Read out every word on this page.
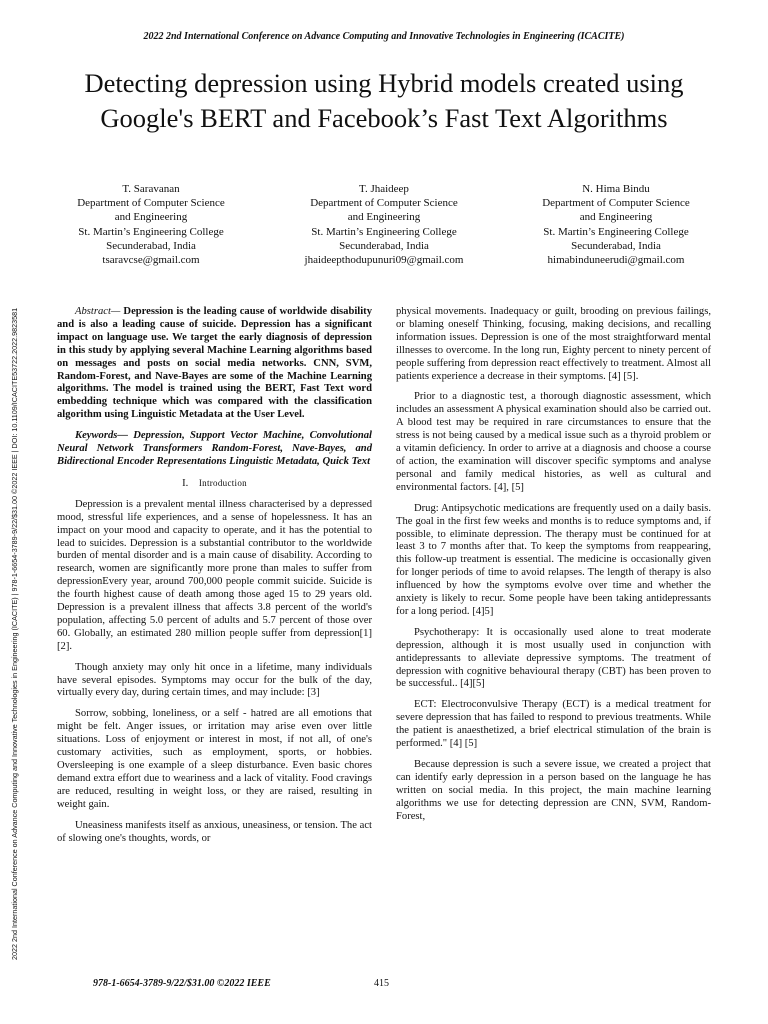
2022 2nd International Conference on Advance Computing and Innovative Technologies in Engineering (ICACITE)
Detecting depression using Hybrid models created using Google's BERT and Facebook’s Fast Text Algorithms
T. Saravanan
Department of Computer Science
and Engineering
St. Martin’s Engineering College
Secunderabad, India
tsaravcse@gmail.com
T. Jhaideep
Department of Computer Science
and Engineering
St. Martin’s Engineering College
Secunderabad, India
jhaideepthodupunuri09@gmail.com
N. Hima Bindu
Department of Computer Science
and Engineering
St. Martin’s Engineering College
Secunderabad, India
himabinduneerudi@gmail.com
2022 2nd International Conference on Advance Computing and Innovative Technologies in Engineering (ICACITE) | 978-1-6654-3789-9/22/$31.00 ©2022 IEEE | DOI: 10.1109/ICACITE53722.2022.9823581	Abstract— Depression is the leading cause of worldwide disability and is also a leading cause of suicide. Depression has a significant impact on language use. We target the early diagnosis of depression in this study by applying several Machine Learning algorithms based on messages and posts on social media networks. CNN, SVM, Random-Forest, and Nave-Bayes are some of the Machine Learning algorithms. The model is trained using the BERT, Fast Text word embedding technique which was compared with the classification algorithm using Linguistic Metadata at the User Level.

Keywords— Depression, Support Vector Machine, Convolutional Neural Network Transformers Random-Forest, Nave-Bayes, and Bidirectional Encoder Representations Linguistic Metadata, Quick Text

I. Introduction

Depression is a prevalent mental illness characterised by a depressed mood, stressful life experiences, and a sense of hopelessness. It has an impact on your mood and capacity to operate, and it has the potential to lead to suicides. Depression is a substantial contributor to the worldwide burden of mental disorder and is a main cause of disability. According to research, women are significantly more prone than males to suffer from depressionEvery year, around 700,000 people commit suicide. Suicide is the fourth highest cause of death among those aged 15 to 29 years old. Depression is a prevalent illness that affects 3.8 percent of the world's population, affecting 5.0 percent of adults and 5.7 percent of those over 60. Globally, an estimated 280 million people suffer from depression[1][2].

Though anxiety may only hit once in a lifetime, many individuals have several episodes. Symptoms may occur for the bulk of the day, virtually every day, during certain times, and may include: [3]

Sorrow, sobbing, loneliness, or a self - hatred are all emotions that might be felt. Anger issues, or irritation may arise even over little situations. Loss of enjoyment or interest in most, if not all, of one's customary activities, such as employment, sports, or hobbies. Oversleeping is one example of a sleep disturbance. Even basic chores demand extra effort due to weariness and a lack of vitality. Food cravings are reduced, resulting in weight loss, or they are raised, resulting in weight gain.

Uneasiness manifests itself as anxious, uneasiness, or tension. The act of slowing one's thoughts, words, or

physical movements. Inadequacy or guilt, brooding on previous failings, or blaming oneself Thinking, focusing, making decisions, and recalling information issues. Depression is one of the most straightforward mental illnesses to overcome. In the long run, Eighty percent to ninety percent of people suffering from depression react effectively to treatment. Almost all patients experience a decrease in their symptoms. [4] [5].

Prior to a diagnostic test, a thorough diagnostic assessment, which includes an assessment A physical examination should also be carried out. A blood test may be required in rare circumstances to ensure that the stress is not being caused by a medical issue such as a thyroid problem or a vitamin deficiency. In order to arrive at a diagnosis and choose a course of action, the examination will discover specific symptoms and analyse personal and family medical histories, as well as cultural and environmental factors. [4], [5]

Drug: Antipsychotic medications are frequently used on a daily basis. The goal in the first few weeks and months is to reduce symptoms and, if possible, to eliminate depression. The therapy must be continued for at least 3 to 7 months after that. To keep the symptoms from reappearing, this follow-up treatment is essential. The medicine is occasionally given for longer periods of time to avoid relapses. The length of therapy is also influenced by how the symptoms evolve over time and whether the anxiety is likely to recur. Some people have been taking antidepressants for a long period. [4]5]

Psychotherapy: It is occasionally used alone to treat moderate depression, although it is most usually used in conjunction with antidepressants to alleviate depressive symptoms. The treatment of depression with cognitive behavioural therapy (CBT) has been proven to be successful.. [4][5]

ECT: Electroconvulsive Therapy (ECT) is a medical treatment for severe depression that has failed to respond to previous treatments. While the patient is anaesthetized, a brief electrical stimulation of the brain is performed." [4] [5]

Because depression is such a severe issue, we created a project that can identify early depression in a person based on the language he has written on social media. In this project, the main machine learning algorithms we use for detecting depression are CNN, SVM, Random-Forest,

978-1-6654-3789-9/22/$31.00 ©2022 IEEE	415
